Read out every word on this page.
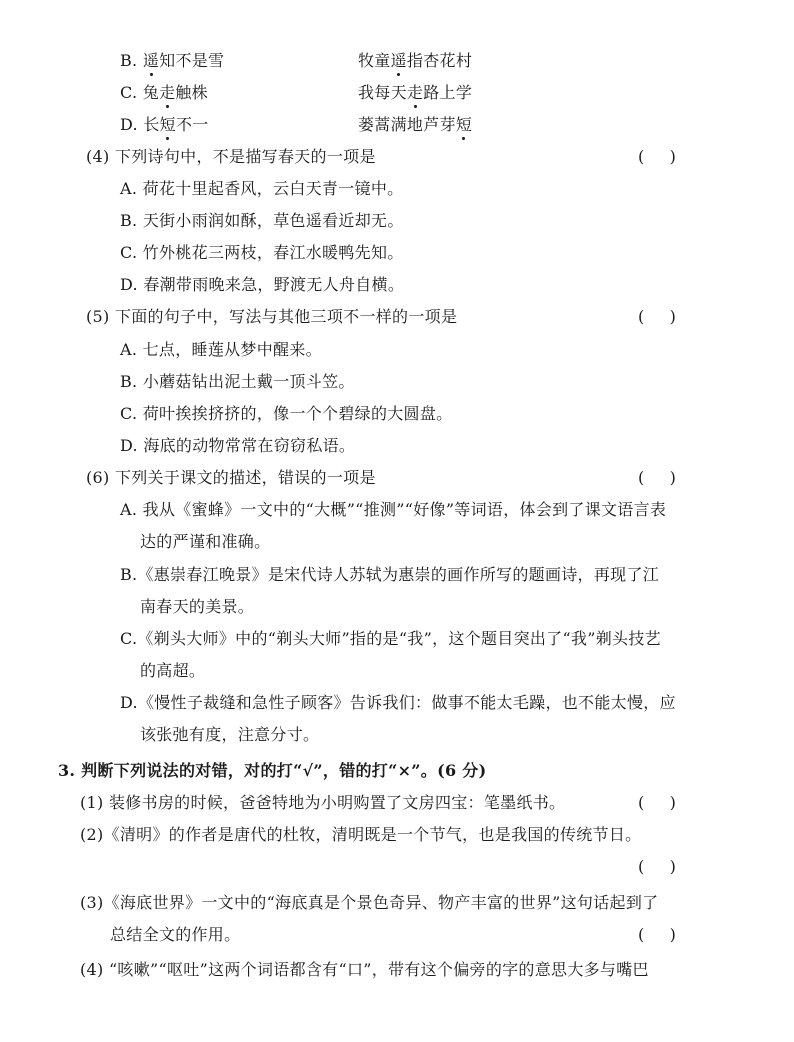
B. 遥知不是雪	牧童遥指杏花村
C. 兔走触株	我每天走路上学
D. 长短不一	蒌蒿满地芦芽短
(4) 下列诗句中，不是描写春天的一项是	(     )
A. 荷花十里起香风，云白天青一镜中。
B. 天街小雨润如酥，草色遥看近却无。
C. 竹外桃花三两枝，春江水暖鸭先知。
D. 春潮带雨晚来急，野渡无人舟自横。
(5) 下面的句子中，写法与其他三项不一样的一项是	(     )
A. 七点，睡莲从梦中醒来。
B. 小蘑菇钻出泥土戴一顶斗笠。
C. 荷叶挨挨挤挤的，像一个个碧绿的大圆盘。
D. 海底的动物常常在窃窃私语。
(6) 下列关于课文的描述，错误的一项是	(     )
A. 我从《蜜蜂》一文中的“大概”“推测”“好像”等词语，体会到了课文语言表
达的严谨和准确。
B.《惠崇春江晚景》是宋代诗人苏轼为惠崇的画作所写的题画诗，再现了江
南春天的美景。
C.《剃头大师》中的“剃头大师”指的是“我”，这个题目突出了“我”剃头技艺
的高超。
D.《慢性子裁缝和急性子顾客》告诉我们：做事不能太毛躁，也不能太慢，应
该张弛有度，注意分寸。
3. 判断下列说法的对错，对的打“√”，错的打“×”。(6 分)
(1) 装修书房的时候，爸爸特地为小明购置了文房四宝：笔墨纸书。	(     )
(2)《清明》的作者是唐代的杜牧，清明既是一个节气，也是我国的传统节日。
(     )
(3)《海底世界》一文中的“海底真是个景色奇异、物产丰富的世界”这句话起到了
总结全文的作用。	(     )
(4) “咳嗽”“呕吐”这两个词语都含有“口”，带有这个偏旁的字的意思大多与嘴巴
